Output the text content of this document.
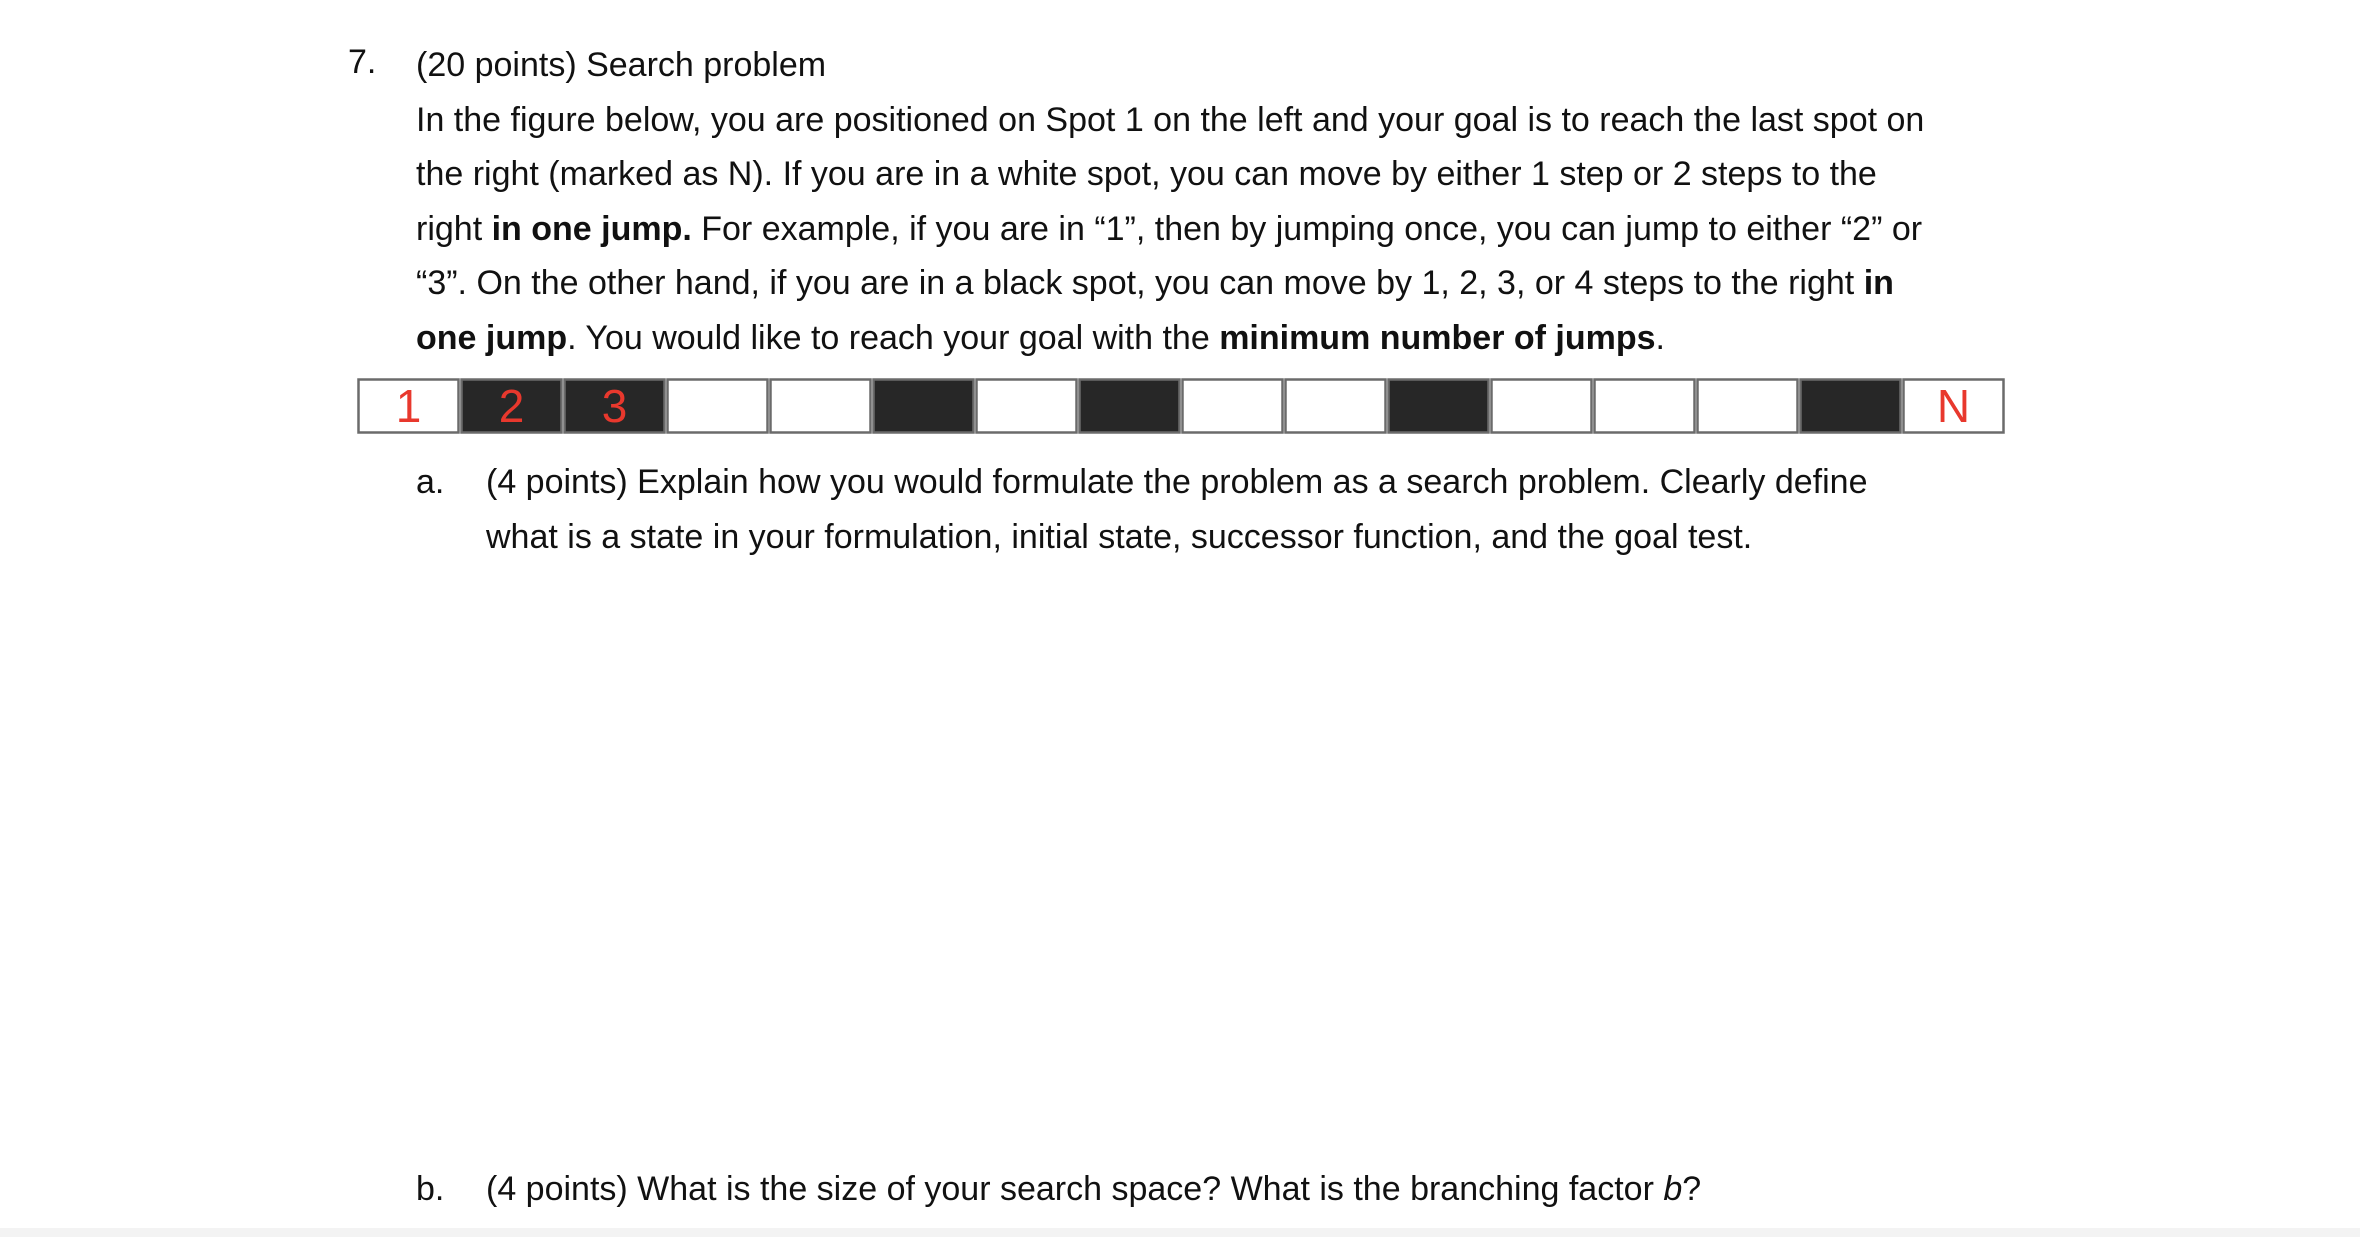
7. (20 points) Search problem
In the figure below, you are positioned on Spot 1 on the left and your goal is to reach the last spot on
the right (marked as N). If you are in a white spot, you can move by either 1 step or 2 steps to the
right in one jump. For example, if you are in “1”, then by jumping once, you can jump to either “2” or
“3”. On the other hand, if you are in a black spot, you can move by 1, 2, 3, or 4 steps to the right in
one jump. You would like to reach your goal with the minimum number of jumps.
1 2 3	N
a. (4 points) Explain how you would formulate the problem as a search problem. Clearly define
what is a state in your formulation, initial state, successor function, and the goal test.
b. (4 points) What is the size of your search space? What is the branching factor b?
